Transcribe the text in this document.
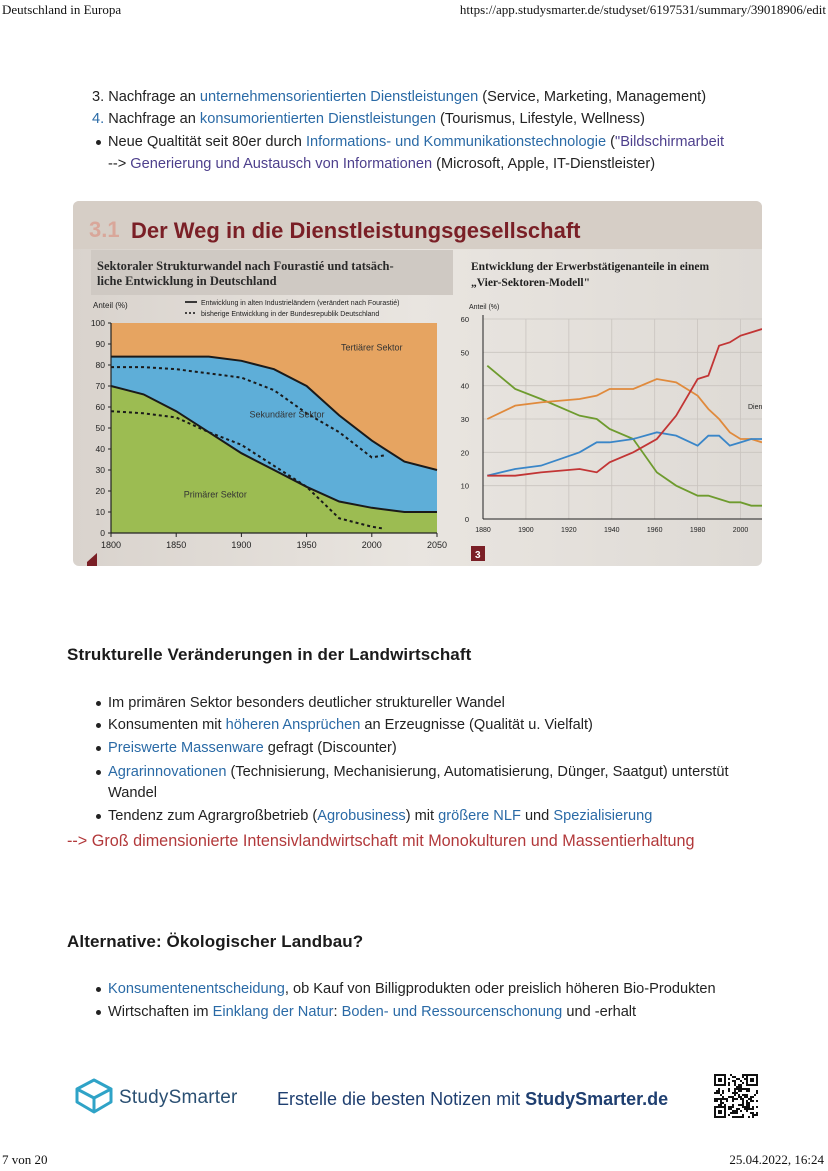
Deutschland in Europa	https://app.studysmarter.de/studyset/6197531/summary/39018906/edit
7 von 20	25.04.2022, 16:24
3. Nachfrage an unternehmensorientierten Dienstleistungen (Service, Marketing, Management)
4. Nachfrage an konsumorientierten Dienstleistungen (Tourismus, Lifestyle, Wellness)
Neue Qualtität seit 80er durch Informations- und Kommunikationstechnologie ("Bildschirmarbeit
--> Generierung und Austausch von Informationen (Microsoft, Apple, IT-Dienstleister)
3.1 Der Weg in die Dienstleistungsgesellschaft
Sektoraler Strukturwandel nach Fourastié und tatsäch-
liche Entwicklung in Deutschland
Entwicklung der Erwerbstätigenanteile in einem
„Vier-Sektoren-Modell"
0
10
20
30
40
50
60
70
80
90
100
1800	1850	1900	1950	2000	2050
Anteil (%)	Entwicklung in alten Industrieländern (verändert nach Fourastié)
bisherige Entwicklung in der Bundesrepublik Deutschland
Tertiärer Sektor
Sekundärer Sektor
Primärer Sektor
0
10
20
30
40
50
60
1880	1900	1920	1940	1960	1980	2000
Anteil (%)
Dien
3
Strukturelle Veränderungen in der Landwirtschaft
Im primären Sektor besonders deutlicher struktureller Wandel
Konsumenten mit höheren Ansprüchen an Erzeugnisse (Qualität u. Vielfalt)
Preiswerte Massenware gefragt (Discounter)
Agrarinnovationen (Technisierung, Mechanisierung, Automatisierung, Dünger, Saatgut) unterstüt
Wandel
Tendenz zum Agrargroßbetrieb (Agrobusiness) mit größere NLF und Spezialisierung
--> Groß dimensionierte Intensivlandwirtschaft mit Monokulturen und Massentierhaltung
Alternative: Ökologischer Landbau?
Konsumentenentscheidung, ob Kauf von Billigprodukten oder preislich höheren Bio-Produkten
Wirtschaften im Einklang der Natur: Boden- und Ressourcenschonung und -erhalt
StudySmarter Erstelle die besten Notizen mit StudySmarter.de
